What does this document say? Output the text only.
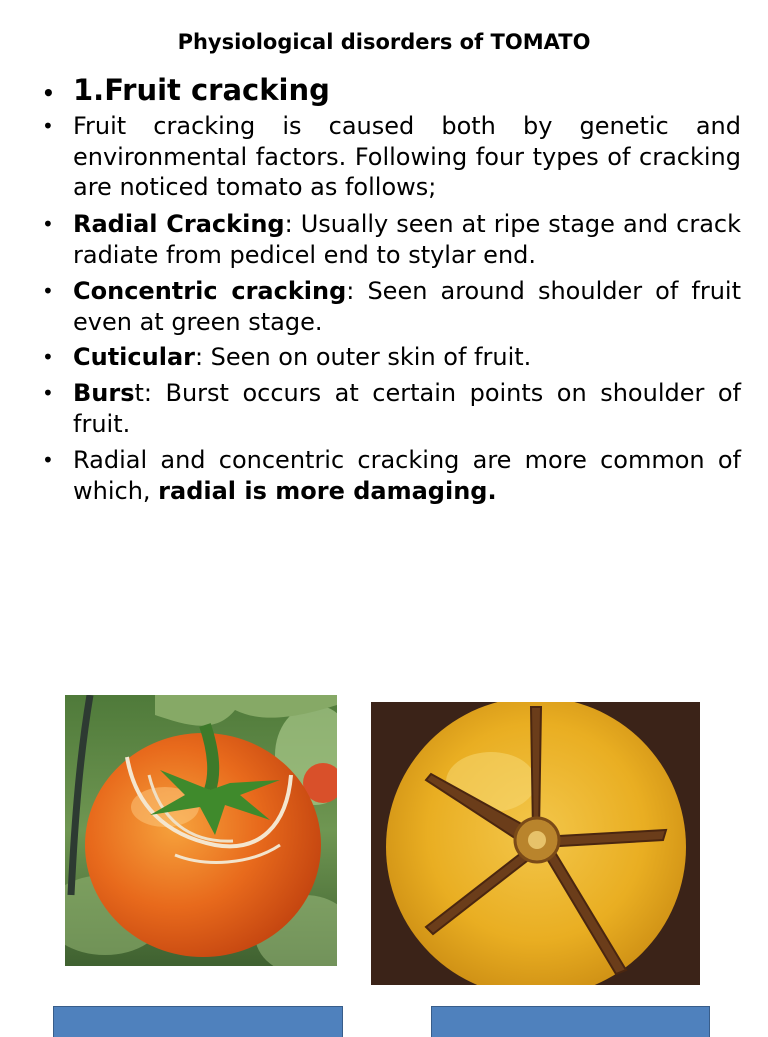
Physiological disorders of TOMATO
• 1.Fruit cracking
• Fruit cracking is caused both by genetic and environmental factors. Following four types of cracking are noticed tomato as follows;
• Radial Cracking: Usually seen at ripe stage and crack radiate from pedicel end to stylar end.
• Concentric cracking: Seen around shoulder of fruit even at green stage.
• Cuticular: Seen on outer skin of fruit.
• Burst: Burst occurs at certain points on shoulder of fruit.
• Radial and concentric cracking are more common of which, radial is more damaging.
